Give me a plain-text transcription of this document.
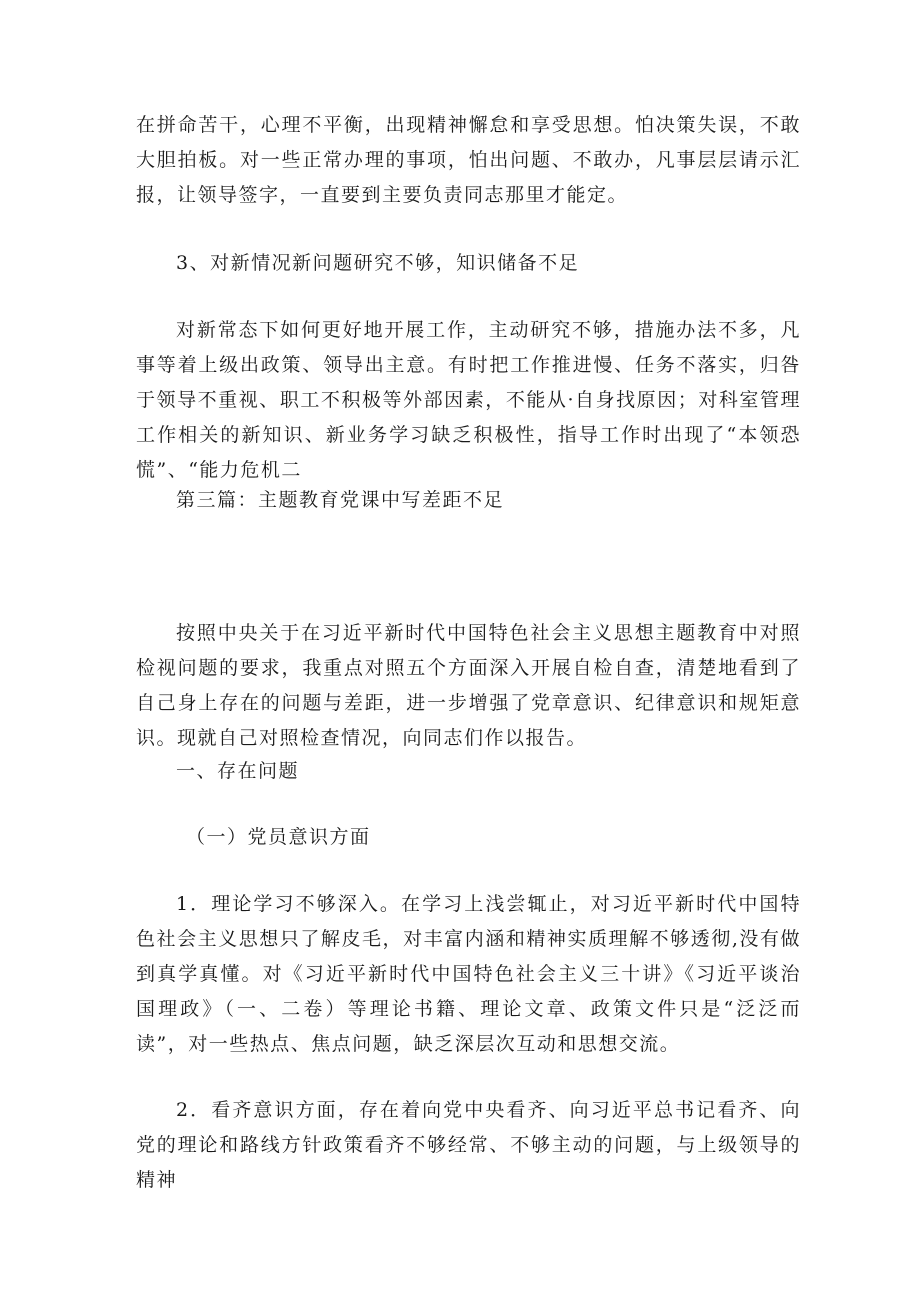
在拼命苦干，心理不平衡，出现精神懈怠和享受思想。怕决策失误，不敢大胆拍板。对一些正常办理的事项，怕出问题、不敢办，凡事层层请示汇报，让领导签字，一直要到主要负责同志那里才能定。

3、对新情况新问题研究不够，知识储备不足

对新常态下如何更好地开展工作，主动研究不够，措施办法不多，凡事等着上级出政策、领导出主意。有时把工作推进慢、任务不落实，归咎于领导不重视、职工不积极等外部因素，不能从·自身找原因；对科室管理工作相关的新知识、新业务学习缺乏积极性，指导工作时出现了“本领恐慌”、“能力危机二

第三篇：主题教育党课中写差距不足

按照中央关于在习近平新时代中国特色社会主义思想主题教育中对照检视问题的要求，我重点对照五个方面深入开展自检自查，清楚地看到了自己身上存在的问题与差距，进一步增强了党章意识、纪律意识和规矩意识。现就自己对照检查情况，向同志们作以报告。

一、存在问题

（一）党员意识方面

1．理论学习不够深入。在学习上浅尝辄止，对习近平新时代中国特色社会主义思想只了解皮毛，对丰富内涵和精神实质理解不够透彻,没有做到真学真懂。对《习近平新时代中国特色社会主义三十讲》《习近平谈治国理政》（一、二卷）等理论书籍、理论文章、政策文件只是“泛泛而读”，对一些热点、焦点问题，缺乏深层次互动和思想交流。

2．看齐意识方面，存在着向党中央看齐、向习近平总书记看齐、向党的理论和路线方针政策看齐不够经常、不够主动的问题，与上级领导的精神
